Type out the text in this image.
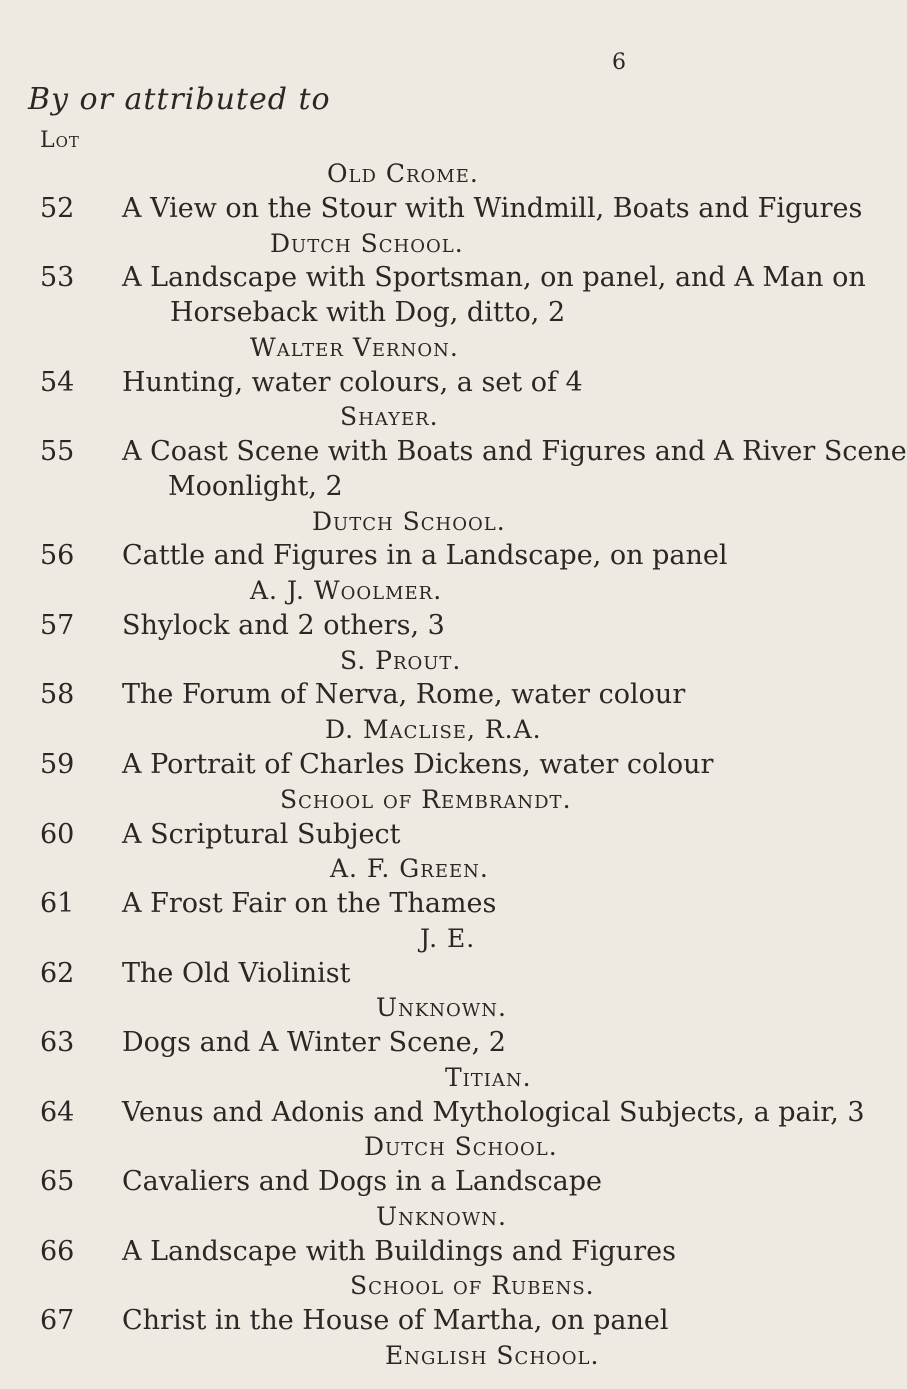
6
By or attributed to
Lot
Old Crome.
52 A View on the Stour with Windmill, Boats and Figures
Dutch School.
53 A Landscape with Sportsman, on panel, and A Man on
Horseback with Dog, ditto, 2
Walter Vernon.
54 Hunting, water colours, a set of 4
Shayer.
55 A Coast Scene with Boats and Figures and A River Scene
Moonlight, 2
Dutch School.
56 Cattle and Figures in a Landscape, on panel
A. J. Woolmer.
57 Shylock and 2 others, 3
S. Prout.
58 The Forum of Nerva, Rome, water colour
D. Maclise, R.A.
59 A Portrait of Charles Dickens, water colour
School of Rembrandt.
60 A Scriptural Subject
A. F. Green.
61 A Frost Fair on the Thames
J. E.
62 The Old Violinist
Unknown.
63 Dogs and A Winter Scene, 2
Titian.
64 Venus and Adonis and Mythological Subjects, a pair, 3
Dutch School.
65 Cavaliers and Dogs in a Landscape
Unknown.
66 A Landscape with Buildings and Figures
School of Rubens.
67 Christ in the House of Martha, on panel
English School.
